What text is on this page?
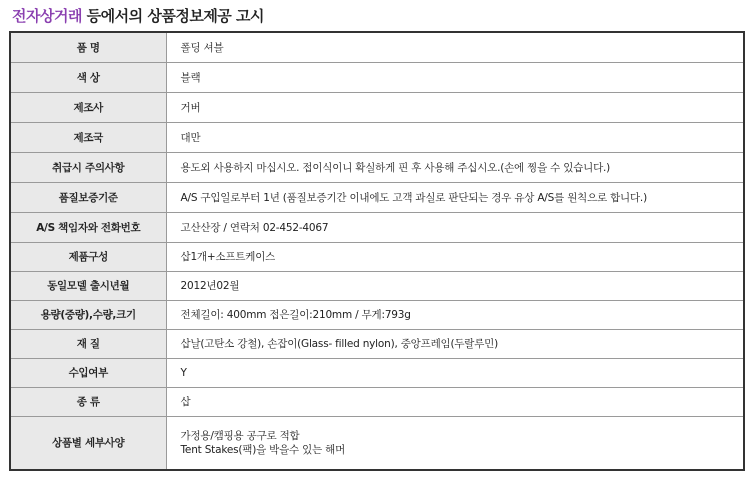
전자상거래 등에서의 상품정보제공 고시
품 명	폴딩 셔블
색 상	블랙
제조사	거버
제조국	대만
취급시 주의사항	용도외 사용하지 마십시오. 접이식이니 확실하게 핀 후 사용해 주십시오.(손에 찡을 수 있습니다.)
품질보증기준	A/S 구입일로부터 1년 (품질보증기간 이내에도 고객 과실로 판단되는 경우 유상 A/S를 원칙으로 합니다.)
A/S 책임자와 전화번호	고산산장 / 연락처 02-452-4067
제품구성	삽1개+소프트케이스
동일모델 출시년월	2012년02월
용량(중량),수량,크기	전체길이: 400mm 접은길이:210mm / 무게:793g
재 질	삽날(고탄소 강철), 손잡이(Glass- filled nylon), 중앙프레임(두랄루민)
수입여부	Y
종 류	삽
상품별 세부사양	가정용/캠핑용 공구로 적합
Tent Stakes(팩)을 박을수 있는 해머
